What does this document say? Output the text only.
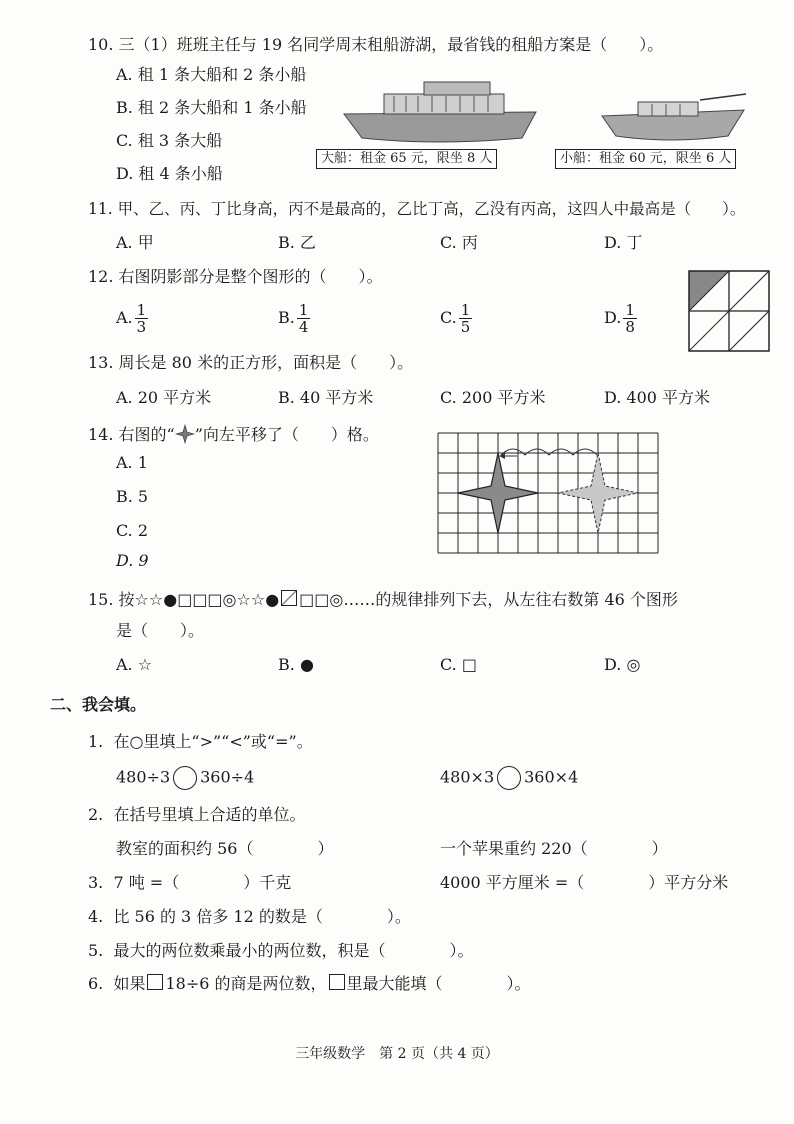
10. 三（1）班班主任与 19 名同学周末租船游湖，最省钱的租船方案是（　　）。
A. 租 1 条大船和 2 条小船
B. 租 2 条大船和 1 条小船
C. 租 3 条大船
D. 租 4 条小船
大船：租金 65 元，限坐 8 人	小船：租金 60 元，限坐 6 人
11. 甲、乙、丙、丁比身高，丙不是最高的，乙比丁高，乙没有丙高，这四人中最高是（　　）。
A. 甲	B. 乙	C. 丙	D. 丁
12. 右图阴影部分是整个图形的（　　）。
A. $\frac{1}{3}$	B. $\frac{1}{4}$	C. $\frac{1}{5}$	D. $\frac{1}{8}$
13. 周长是 80 米的正方形，面积是（　　）。
A. 20 平方米	B. 40 平方米	C. 200 平方米	D. 400 平方米
14. 右图的“ ”向左平移了（　　）格。
A. 1
B. 5
C. 2
D. 9
15. 按☆☆●□□□◎☆☆● □□◎……的规律排列下去，从左往右数第 46 个图形
是（　　）。
A. ☆	B. ●	C. □	D. ◎
二、我会填。
1. 在○里填上“>”“<”或“=”。
480÷3 360÷4	480×3 360×4
2. 在括号里填上合适的单位。
教室的面积约 56（　　　　）	一个苹果重约 220（　　　　）
3. 7 吨 =（　　　　）千克	4000 平方厘米 =（　　　　）平方分米
4. 比 56 的 3 倍多 12 的数是（　　　　）。
5. 最大的两位数乘最小的两位数，积是（　　　　）。
6. 如果 18÷6 的商是两位数， 里最大能填（　　　　）。
三年级数学　第 2 页（共 4 页）
